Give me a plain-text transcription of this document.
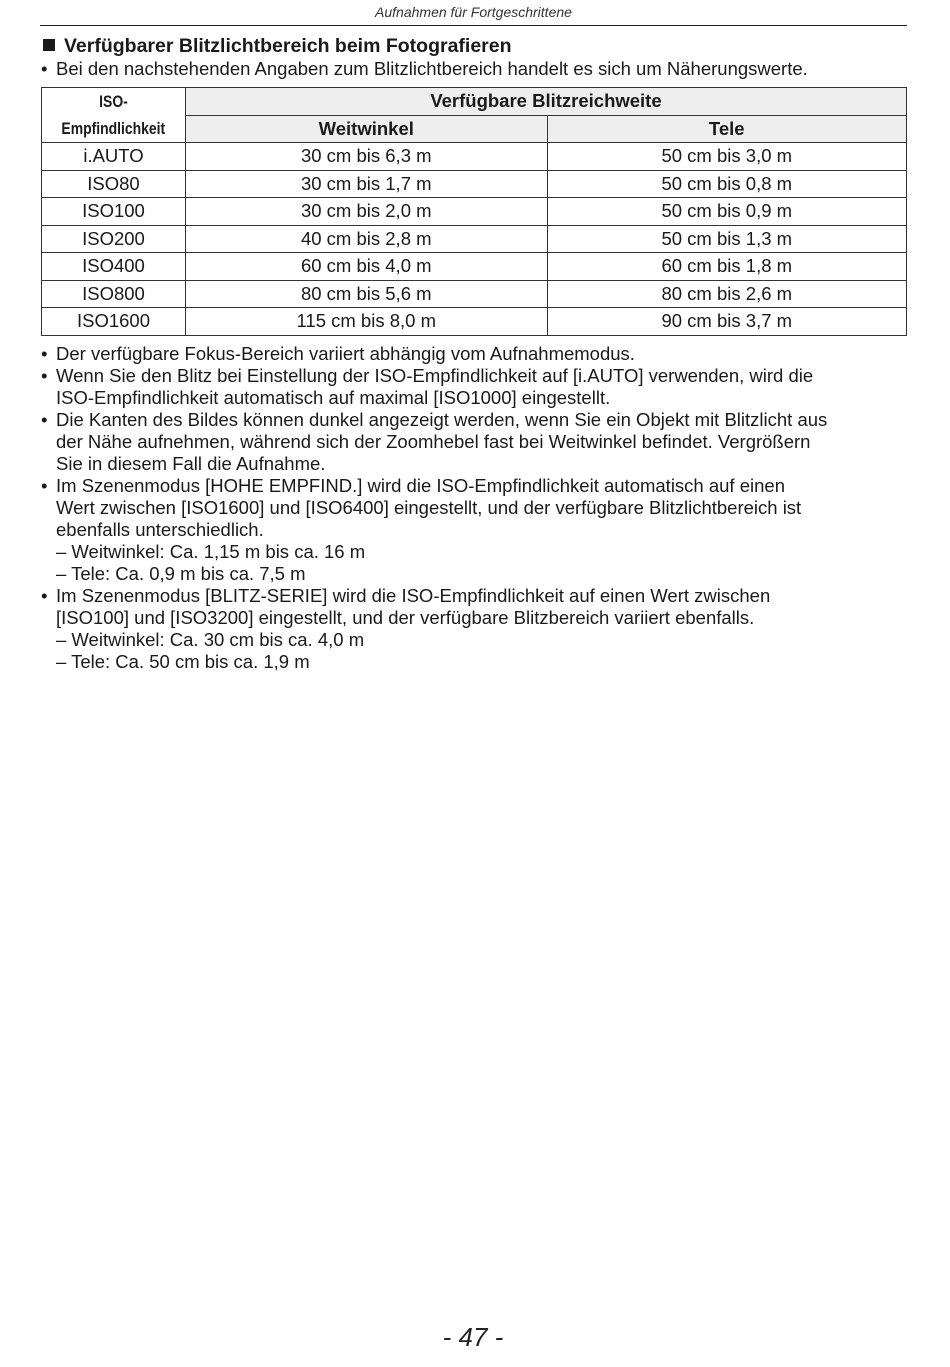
Aufnahmen für Fortgeschrittene
Verfügbarer Blitzlichtbereich beim Fotografieren
• Bei den nachstehenden Angaben zum Blitzlichtbereich handelt es sich um Näherungswerte.
ISO-
Empfindlichkeit	Verfügbare Blitzreichweite	
	Weitwinkel	Tele
i.AUTO	30 cm bis 6,3 m	50 cm bis 3,0 m
ISO80	30 cm bis 1,7 m	50 cm bis 0,8 m
ISO100	30 cm bis 2,0 m	50 cm bis 0,9 m
ISO200	40 cm bis 2,8 m	50 cm bis 1,3 m
ISO400	60 cm bis 4,0 m	60 cm bis 1,8 m
ISO800	80 cm bis 5,6 m	80 cm bis 2,6 m
ISO1600	115 cm bis 8,0 m	90 cm bis 3,7 m
• Der verfügbare Fokus-Bereich variiert abhängig vom Aufnahmemodus.
• Wenn Sie den Blitz bei Einstellung der ISO-Empfindlichkeit auf [i.AUTO] verwenden, wird die
ISO-Empfindlichkeit automatisch auf maximal [ISO1000] eingestellt.
• Die Kanten des Bildes können dunkel angezeigt werden, wenn Sie ein Objekt mit Blitzlicht aus
der Nähe aufnehmen, während sich der Zoomhebel fast bei Weitwinkel befindet. Vergrößern
Sie in diesem Fall die Aufnahme.
• Im Szenenmodus [HOHE EMPFIND.] wird die ISO-Empfindlichkeit automatisch auf einen
Wert zwischen [ISO1600] und [ISO6400] eingestellt, und der verfügbare Blitzlichtbereich ist
ebenfalls unterschiedlich.
– Weitwinkel: Ca. 1,15 m bis ca. 16 m
– Tele: Ca. 0,9 m bis ca. 7,5 m
• Im Szenenmodus [BLITZ-SERIE] wird die ISO-Empfindlichkeit auf einen Wert zwischen
[ISO100] und [ISO3200] eingestellt, und der verfügbare Blitzbereich variiert ebenfalls.
– Weitwinkel: Ca. 30 cm bis ca. 4,0 m
– Tele: Ca. 50 cm bis ca. 1,9 m
- 47 -
